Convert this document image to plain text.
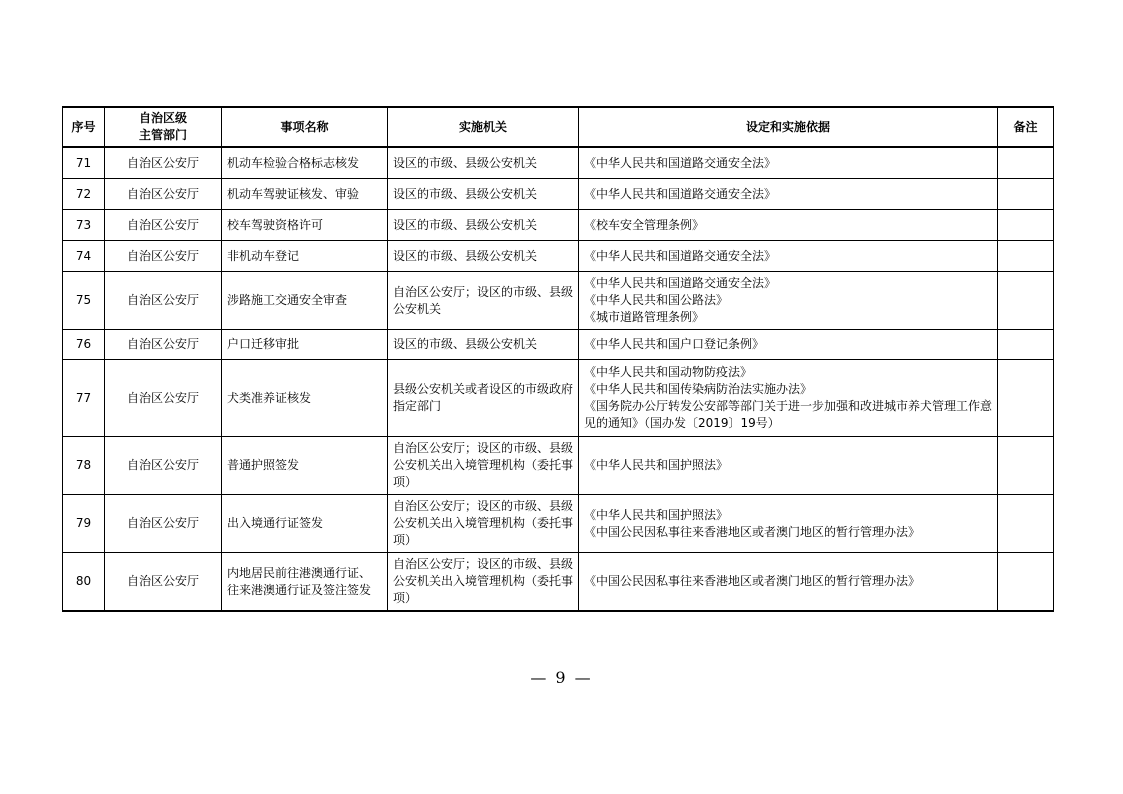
序号	自治区级
主管部门	事项名称	实施机关	设定和实施依据	备注
71	自治区公安厅	机动车检验合格标志核发	设区的市级、县级公安机关	《中华人民共和国道路交通安全法》	

72	自治区公安厅	机动车驾驶证核发、审验	设区的市级、县级公安机关	《中华人民共和国道路交通安全法》	

73	自治区公安厅	校车驾驶资格许可	设区的市级、县级公安机关	《校车安全管理条例》	

74	自治区公安厅	非机动车登记	设区的市级、县级公安机关	《中华人民共和国道路交通安全法》	

75	自治区公安厅	涉路施工交通安全审查	自治区公安厅；设区的市级、县级公安机关	《中华人民共和国道路交通安全法》
《中华人民共和国公路法》
《城市道路管理条例》	

76	自治区公安厅	户口迁移审批	设区的市级、县级公安机关	《中华人民共和国户口登记条例》	

77	自治区公安厅	犬类准养证核发	县级公安机关或者设区的市级政府指定部门	《中华人民共和国动物防疫法》
《中华人民共和国传染病防治法实施办法》
《国务院办公厅转发公安部等部门关于进一步加强和改进城市养犬管理工作意见的通知》（国办发〔2019〕19号）	

78	自治区公安厅	普通护照签发	自治区公安厅；设区的市级、县级公安机关出入境管理机构（委托事项）	《中华人民共和国护照法》	

79	自治区公安厅	出入境通行证签发	自治区公安厅；设区的市级、县级公安机关出入境管理机构（委托事项）	《中华人民共和国护照法》
《中国公民因私事往来香港地区或者澳门地区的暂行管理办法》	

80	自治区公安厅	内地居民前往港澳通行证、往来港澳通行证及签注签发	自治区公安厅；设区的市级、县级公安机关出入境管理机构（委托事项）	《中国公民因私事往来香港地区或者澳门地区的暂行管理办法》	

— 9 —
